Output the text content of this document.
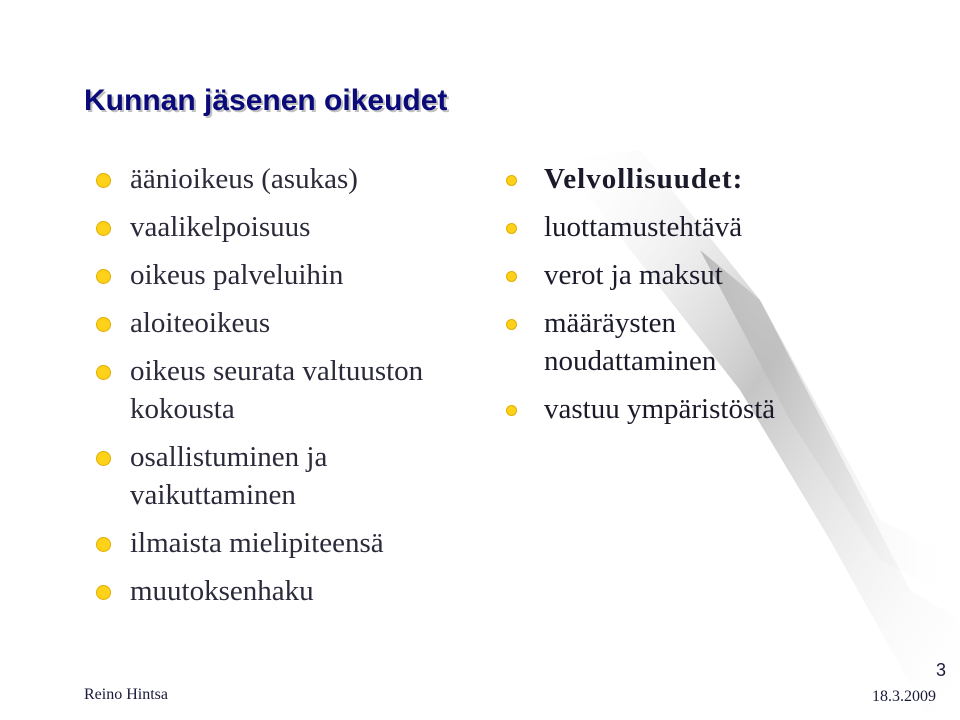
Kunnan jäsenen oikeudet
äänioikeus (asukas)
vaalikelpoisuus
oikeus palveluihin
aloiteoikeus
oikeus seurata valtuuston kokousta
osallistuminen ja vaikuttaminen
ilmaista mielipiteensä
muutoksenhaku
Velvollisuudet:
luottamustehtävä
verot ja maksut
määräysten noudattaminen
vastuu ympäristöstä
Reino Hintsa
3
18.3.2009
